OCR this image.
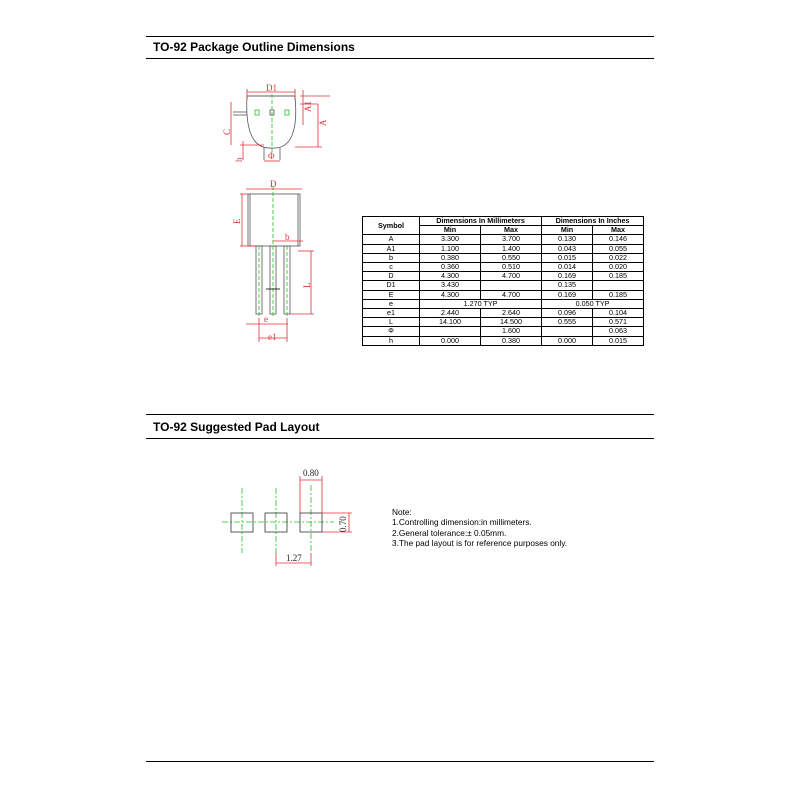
TO-92 Package Outline Dimensions
D1
A1
A
C
h	Φ
D
E
b
L
e
e1
0.80
0.70
1.27
Symbol	Dimensions In Millimeters		Dimensions In Inches	
	Min	Max	Min	Max
A	3.300	3.700	0.130	0.146
A1	1.100	1.400	0.043	0.055
b	0.380	0.550	0.015	0.022
c	0.360	0.510	0.014	0.020
D	4.300	4.700	0.169	0.185
D1	3.430		0.135	
E	4.300	4.700	0.169	0.185
e	1.270 TYP		0.050 TYP	
e1	2.440	2.640	0.096	0.104
L	14.100	14.500	0.555	0.571
Φ		1.600		0.063
h	0.000	0.380	0.000	0.015
TO-92 Suggested Pad Layout
Note:
1.Controlling dimension:in millimeters.
2.General tolerance:± 0.05mm.
3.The pad layout is for reference purposes only.
